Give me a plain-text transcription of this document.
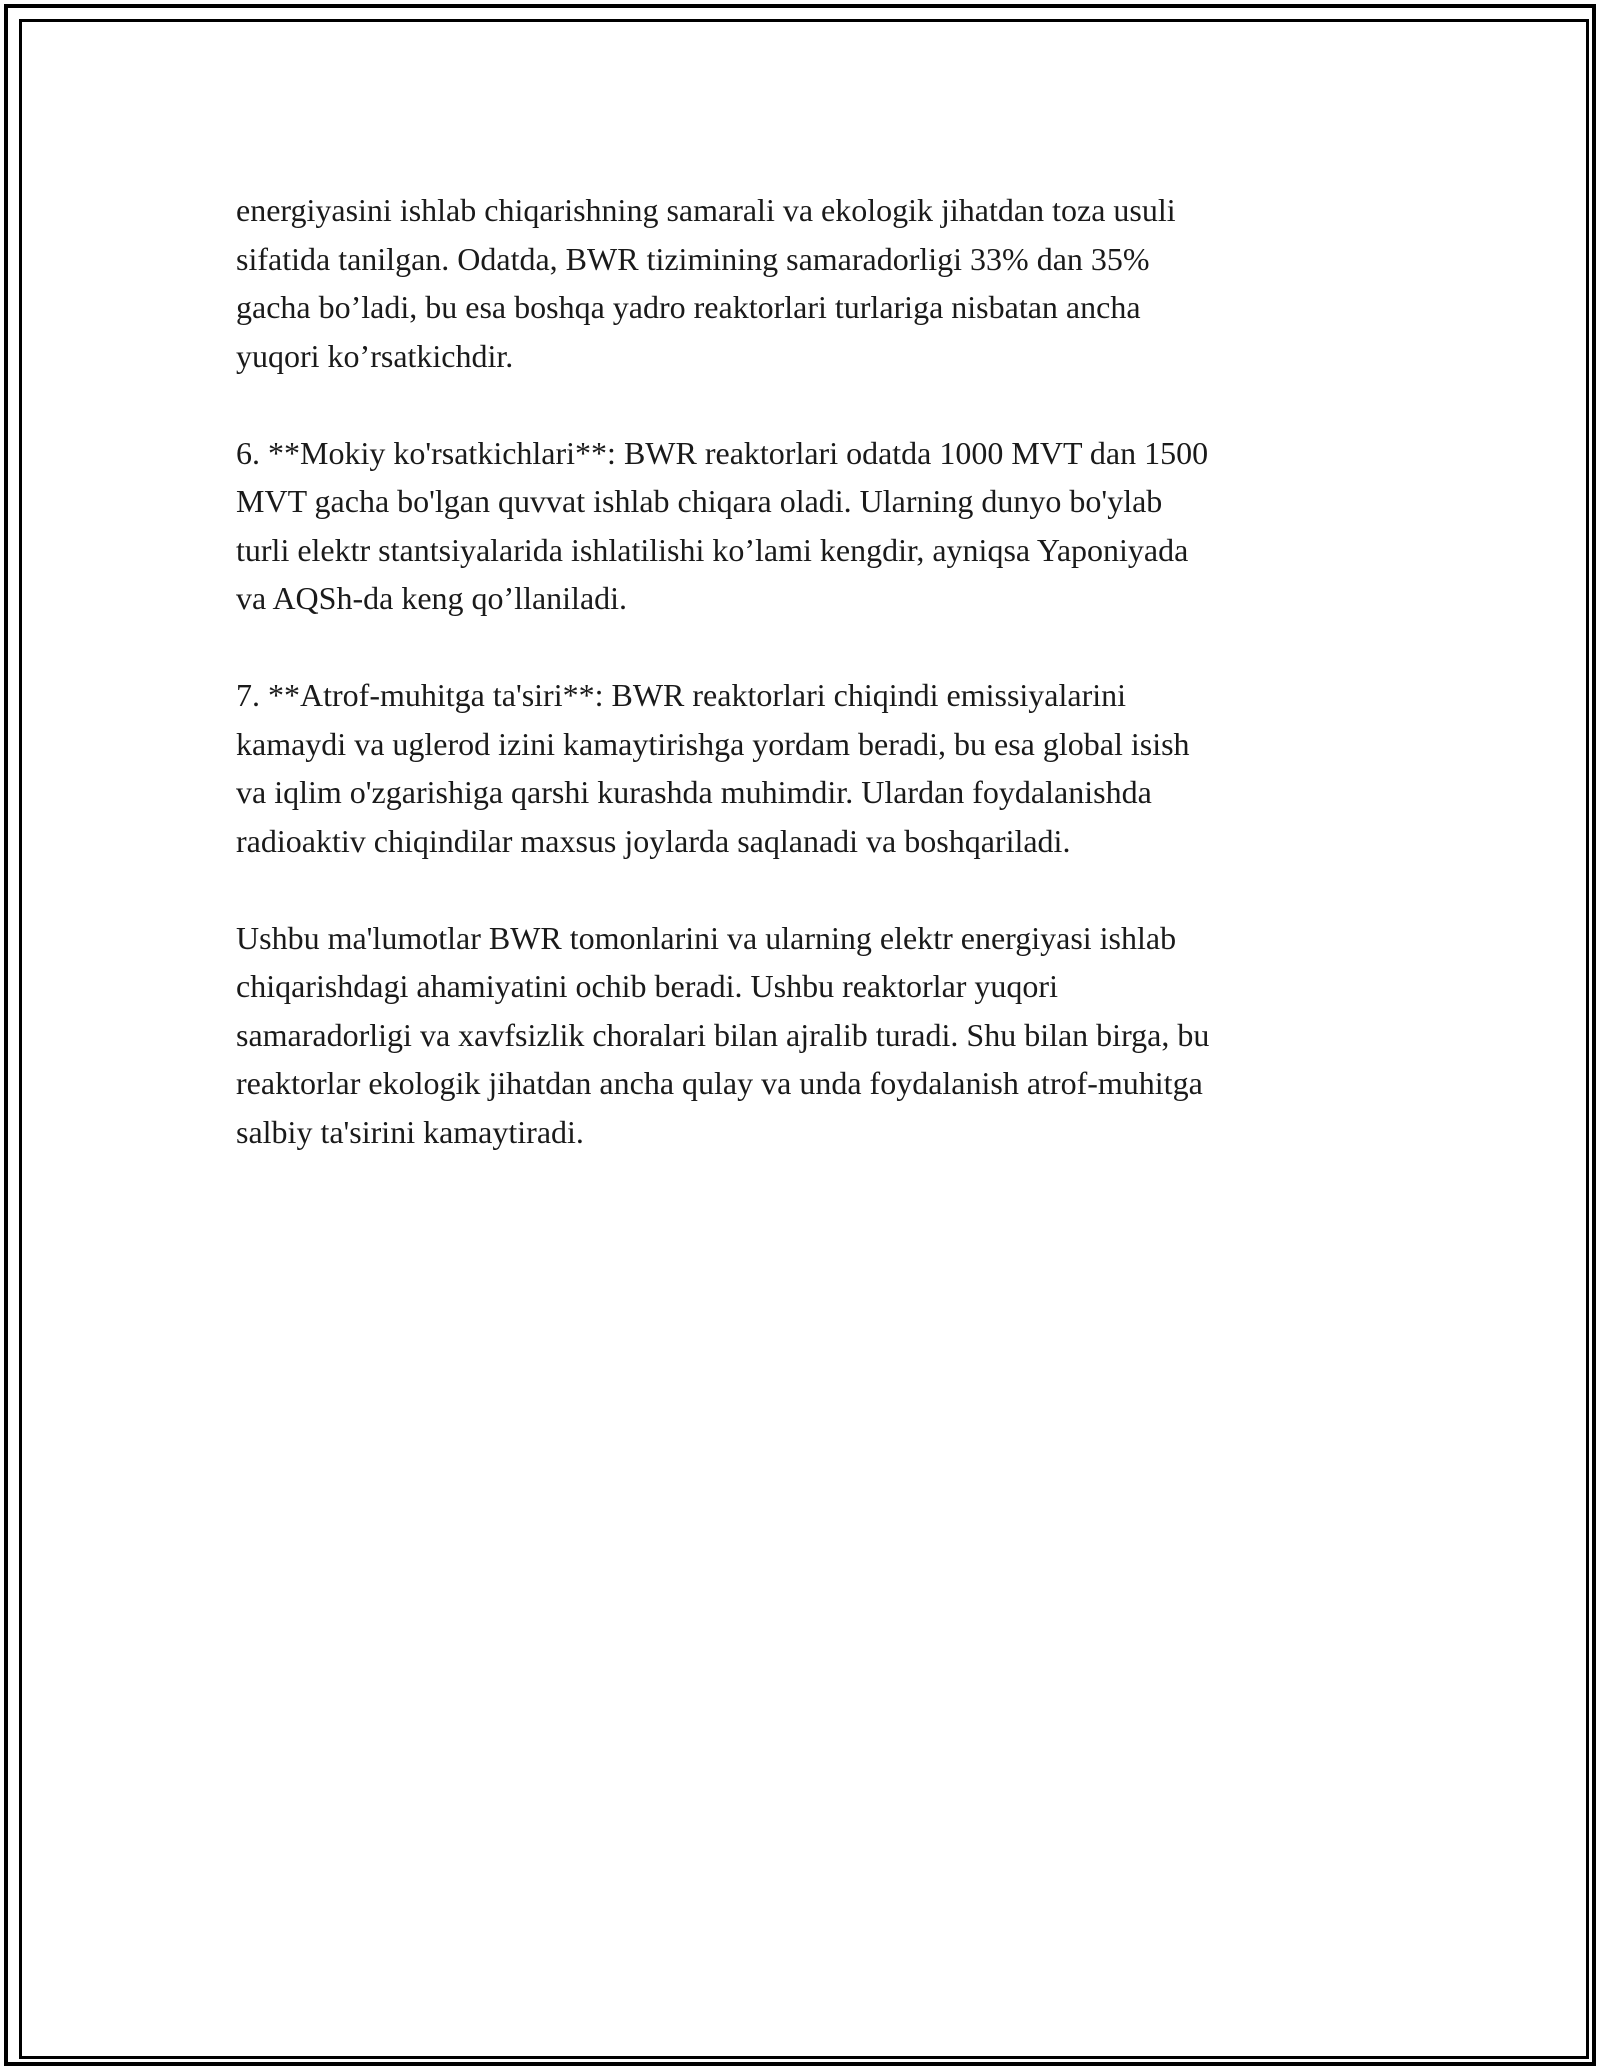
energiyasini ishlab chiqarishning samarali va ekologik jihatdan toza usuli
sifatida tanilgan. Odatda, BWR tizimining samaradorligi 33% dan 35%
gacha bo’ladi, bu esa boshqa yadro reaktorlari turlariga nisbatan ancha
yuqori ko’rsatkichdir.

6. **Mokiy ko'rsatkichlari**: BWR reaktorlari odatda 1000 MVT dan 1500
MVT gacha bo'lgan quvvat ishlab chiqara oladi. Ularning dunyo bo'ylab
turli elektr stantsiyalarida ishlatilishi ko’lami kengdir, ayniqsa Yaponiyada
va AQSh-da keng qo’llaniladi.

7. **Atrof-muhitga ta'siri**: BWR reaktorlari chiqindi emissiyalarini
kamaydi va uglerod izini kamaytirishga yordam beradi, bu esa global isish
va iqlim o'zgarishiga qarshi kurashda muhimdir. Ulardan foydalanishda
radioaktiv chiqindilar maxsus joylarda saqlanadi va boshqariladi.

Ushbu ma'lumotlar BWR tomonlarini va ularning elektr energiyasi ishlab
chiqarishdagi ahamiyatini ochib beradi. Ushbu reaktorlar yuqori
samaradorligi va xavfsizlik choralari bilan ajralib turadi. Shu bilan birga, bu
reaktorlar ekologik jihatdan ancha qulay va unda foydalanish atrof-muhitga
salbiy ta'sirini kamaytiradi.
